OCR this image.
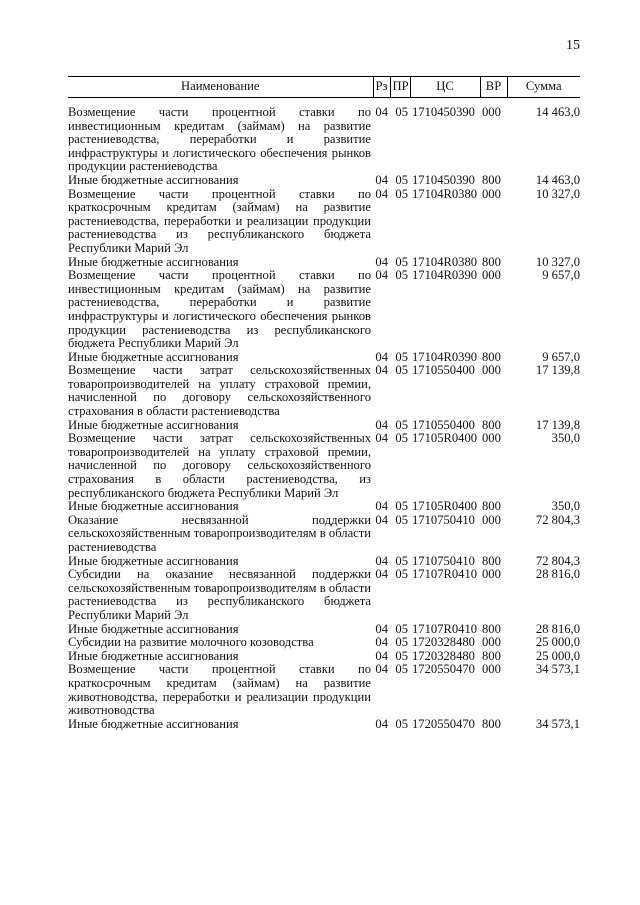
15
Наименование	Рз	ПР	ЦС	ВР	Сумма

Возмещение части процентной ставки по инвестиционным кредитам (займам) на развитие растениеводства, переработки и развитие инфраструктуры и логистического обеспечения рынков продукции растениеводства	04	05	1710450390	000	14 463,0
Иные бюджетные ассигнования	04	05	1710450390	800	14 463,0
Возмещение части процентной ставки по краткосрочным кредитам (займам) на развитие растениеводства, переработки и реализации продукции растениеводства из республиканского бюджета Республики Марий Эл	04	05	17104R0380	000	10 327,0
Иные бюджетные ассигнования	04	05	17104R0380	800	10 327,0
Возмещение части процентной ставки по инвестиционным кредитам (займам) на развитие растениеводства, переработки и развитие инфраструктуры и логистического обеспечения рынков продукции растениеводства из республиканского бюджета Республики Марий Эл	04	05	17104R0390	000	9 657,0
Иные бюджетные ассигнования	04	05	17104R0390	800	9 657,0
Возмещение части затрат сельскохозяйственных товаропроизводителей на уплату страховой премии, начисленной по договору сельскохозяйственного страхования в области растениеводства	04	05	1710550400	000	17 139,8
Иные бюджетные ассигнования	04	05	1710550400	800	17 139,8
Возмещение части затрат сельскохозяйственных товаропроизводителей на уплату страховой премии, начисленной по договору сельскохозяйственного страхования в области растениеводства, из республиканского бюджета Республики Марий Эл	04	05	17105R0400	000	350,0
Иные бюджетные ассигнования	04	05	17105R0400	800	350,0
Оказание несвязанной поддержки сельскохозяйственным товаропроизводителям в области растениеводства	04	05	1710750410	000	72 804,3
Иные бюджетные ассигнования	04	05	1710750410	800	72 804,3
Субсидии на оказание несвязанной поддержки сельскохозяйственным товаропроизводителям в области растениеводства из республиканского бюджета Республики Марий Эл	04	05	17107R0410	000	28 816,0
Иные бюджетные ассигнования	04	05	17107R0410	800	28 816,0
Субсидии на развитие молочного козоводства	04	05	1720328480	000	25 000,0
Иные бюджетные ассигнования	04	05	1720328480	800	25 000,0
Возмещение части процентной ставки по краткосрочным кредитам (займам) на развитие животноводства, переработки и реализации продукции животноводства	04	05	1720550470	000	34 573,1
Иные бюджетные ассигнования	04	05	1720550470	800	34 573,1
